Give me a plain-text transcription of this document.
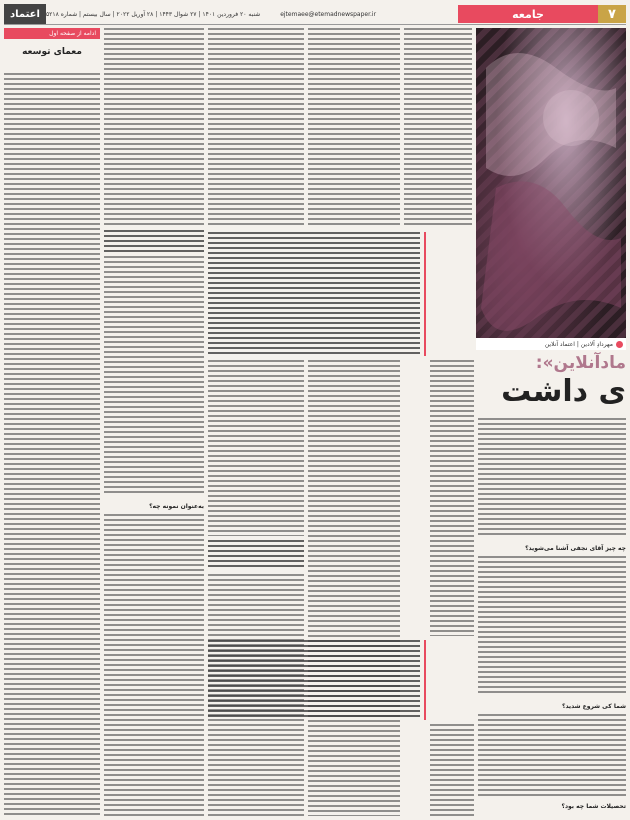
۷
جامعه
ejtemaee@etemadnewspaper.ir
شنبه ۲۰ فروردین ۱۴۰۱ | ۲۷ شوال ۱۴۴۳ | ۲۸ آوریل ۲۰۲۲ | سال بیستم | شماره ۵۲۱۸
اعتماد
ادامه از صفحه اول
معمای توسعه
به‌عنوان نمونه چه؟
مهردادِ آلادین | اعتماد آنلاین
مادآنلاین»:
ی داشت
چه چیز آقای نجفی آشنا می‌شوید؟
شما کی شروع شدید؟
تحصیلات شما چه بود؟
